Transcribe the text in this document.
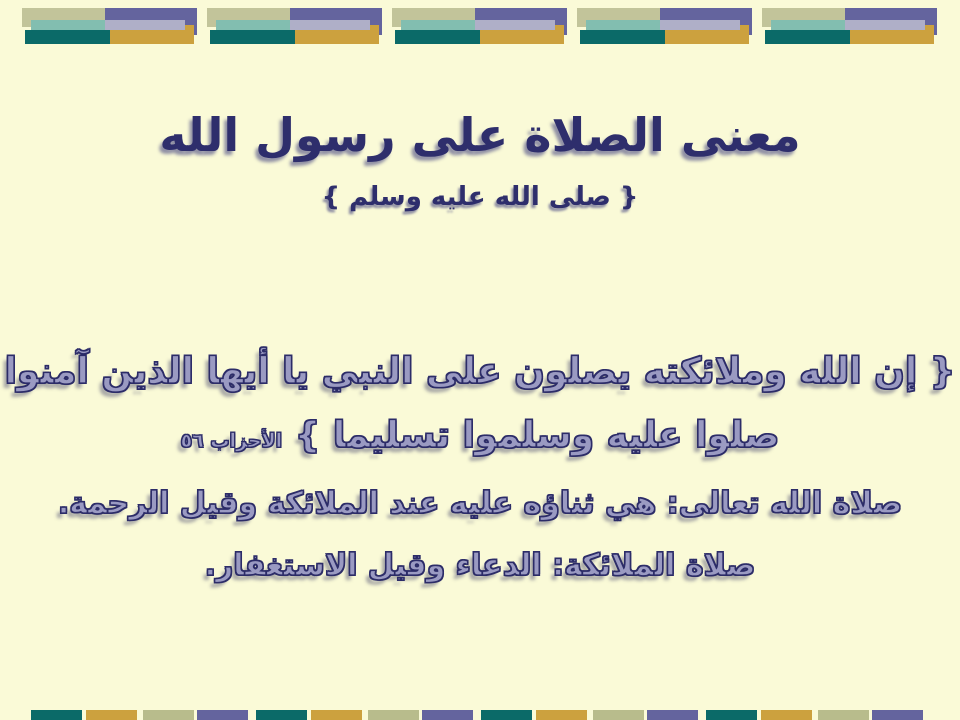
معنى الصلاة على رسول الله
{ صلى الله عليه وسلم }

{ إن الله وملائكته يصلون على النبي يا أيها الذين آمنوا

صلوا عليه وسلموا تسليما } الأحزاب ٥٦

صلاة الله تعالى: هي ثناؤه عليه عند الملائكة وقيل الرحمة.

صلاة الملائكة: الدعاء وقيل الاستغفار.
